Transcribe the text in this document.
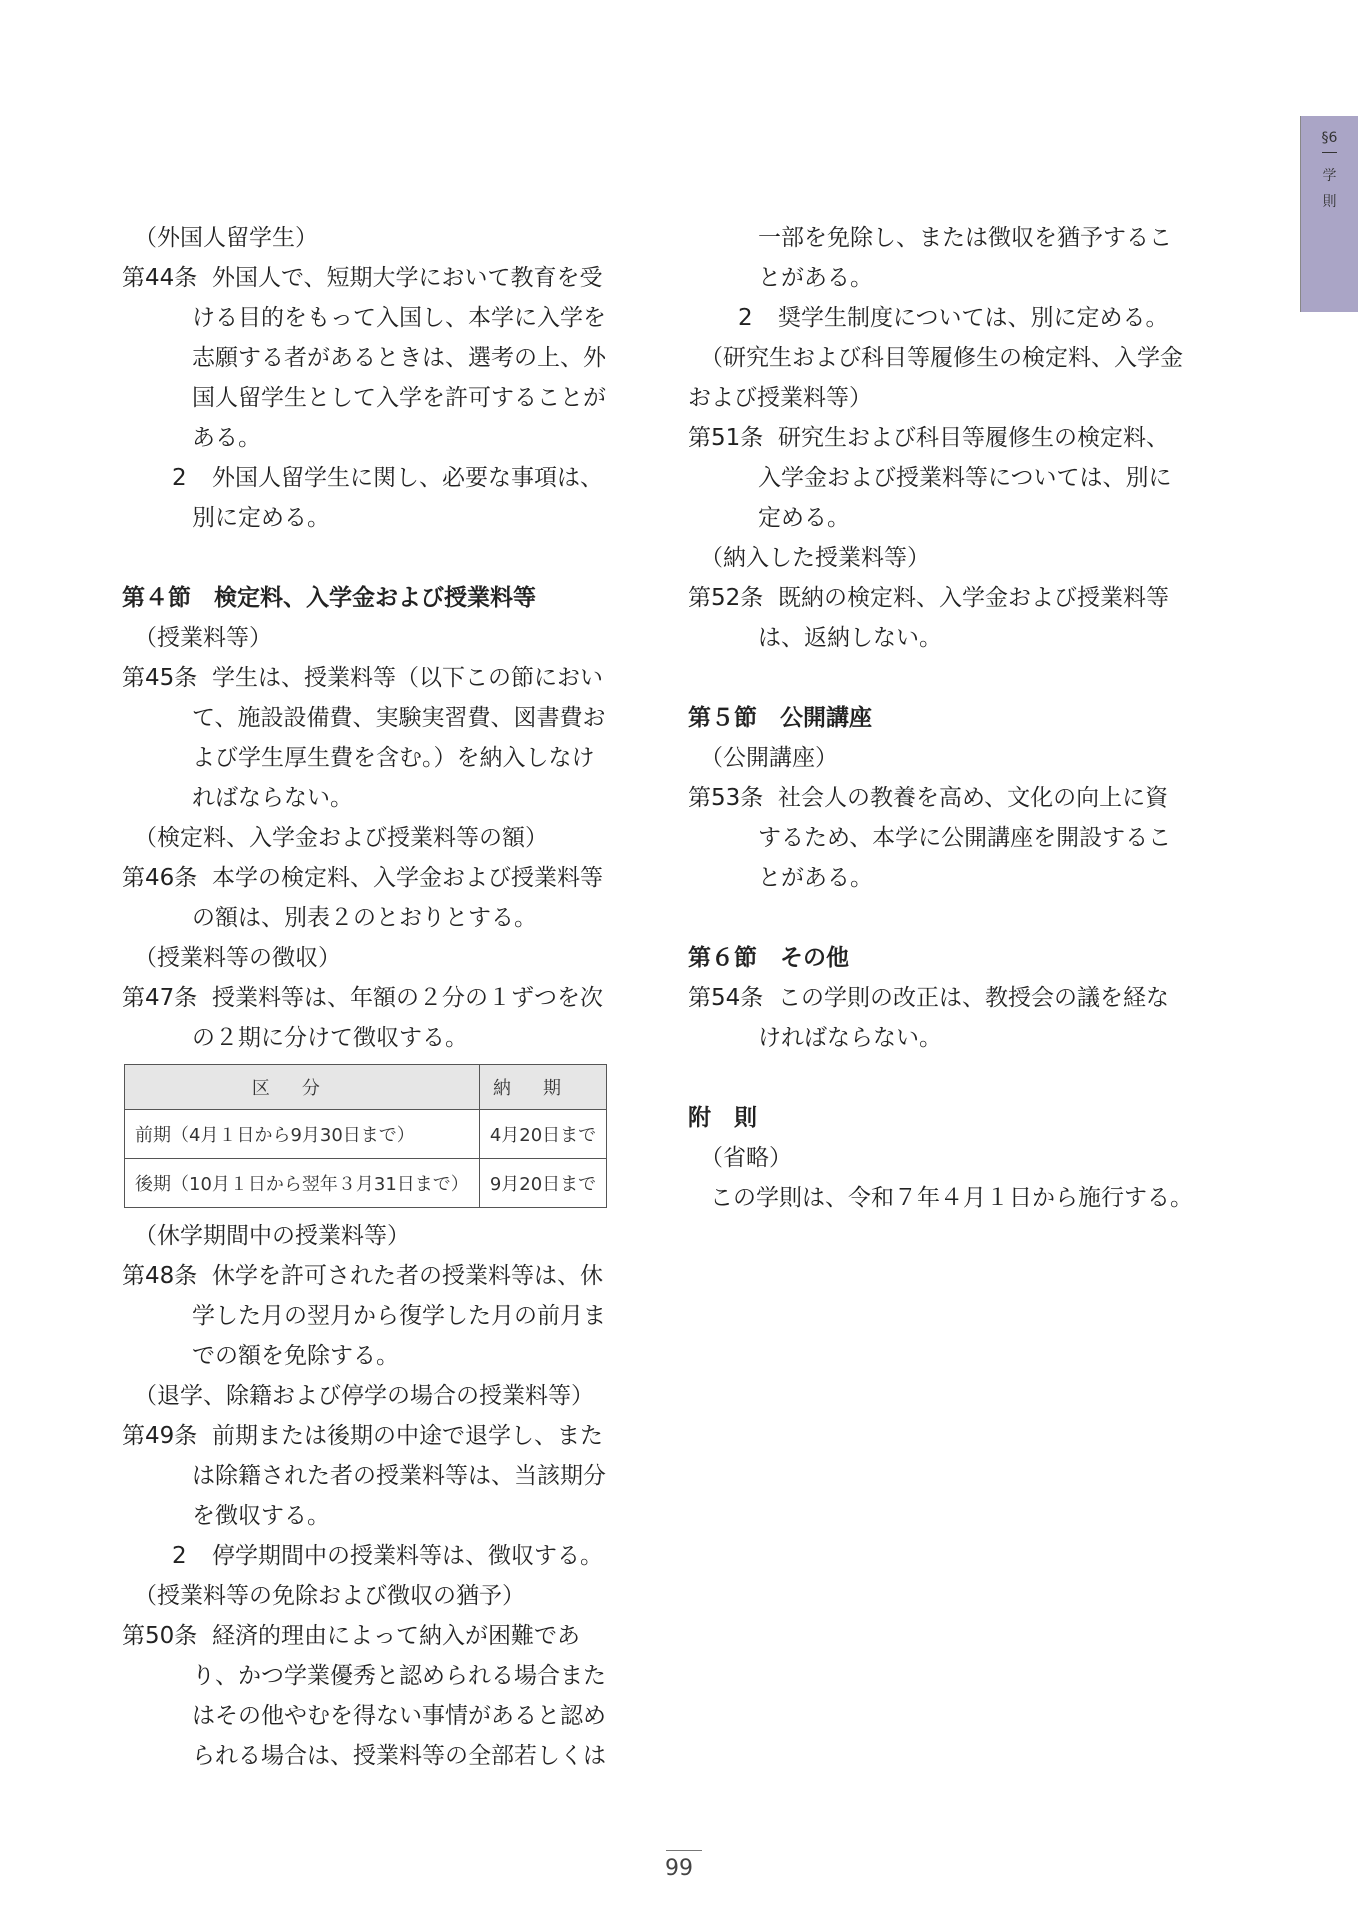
§6
学
則
（外国人留学生）
第44条 外国人で、短期大学において教育を受
ける目的をもって入国し、本学に入学を
志願する者があるときは、選考の上、外
国人留学生として入学を許可することが
ある。
2 外国人留学生に関し、必要な事項は、
別に定める。
第４節　検定料、入学金および授業料等
（授業料等）
第45条 学生は、授業料等（以下この節におい
て、施設設備費、実験実習費、図書費お
よび学生厚生費を含む。）を納入しなけ
ればならない。
（検定料、入学金および授業料等の額）
第46条 本学の検定料、入学金および授業料等
の額は、別表２のとおりとする。
（授業料等の徴収）
第47条 授業料等は、年額の２分の１ずつを次
の２期に分けて徴収する。
区分	納期
前期（4月１日から9月30日まで）	4月20日まで
後期（10月１日から翌年３月31日まで）	9月20日まで
（休学期間中の授業料等）
第48条 休学を許可された者の授業料等は、休
学した月の翌月から復学した月の前月ま
での額を免除する。
（退学、除籍および停学の場合の授業料等）
第49条 前期または後期の中途で退学し、また
は除籍された者の授業料等は、当該期分
を徴収する。
2 停学期間中の授業料等は、徴収する。
（授業料等の免除および徴収の猶予）
第50条 経済的理由によって納入が困難であ
り、かつ学業優秀と認められる場合また
はその他やむを得ない事情があると認め
られる場合は、授業料等の全部若しくは
一部を免除し、または徴収を猶予するこ
とがある。
2 奨学生制度については、別に定める。
（研究生および科目等履修生の検定料、入学金
および授業料等）
第51条 研究生および科目等履修生の検定料、
入学金および授業料等については、別に
定める。
（納入した授業料等）
第52条 既納の検定料、入学金および授業料等
は、返納しない。
第５節　公開講座
（公開講座）
第53条 社会人の教養を高め、文化の向上に資
するため、本学に公開講座を開設するこ
とがある。
第６節　その他
第54条 この学則の改正は、教授会の議を経な
ければならない。
附　則
（省略）
この学則は、令和７年４月１日から施行する。
99
